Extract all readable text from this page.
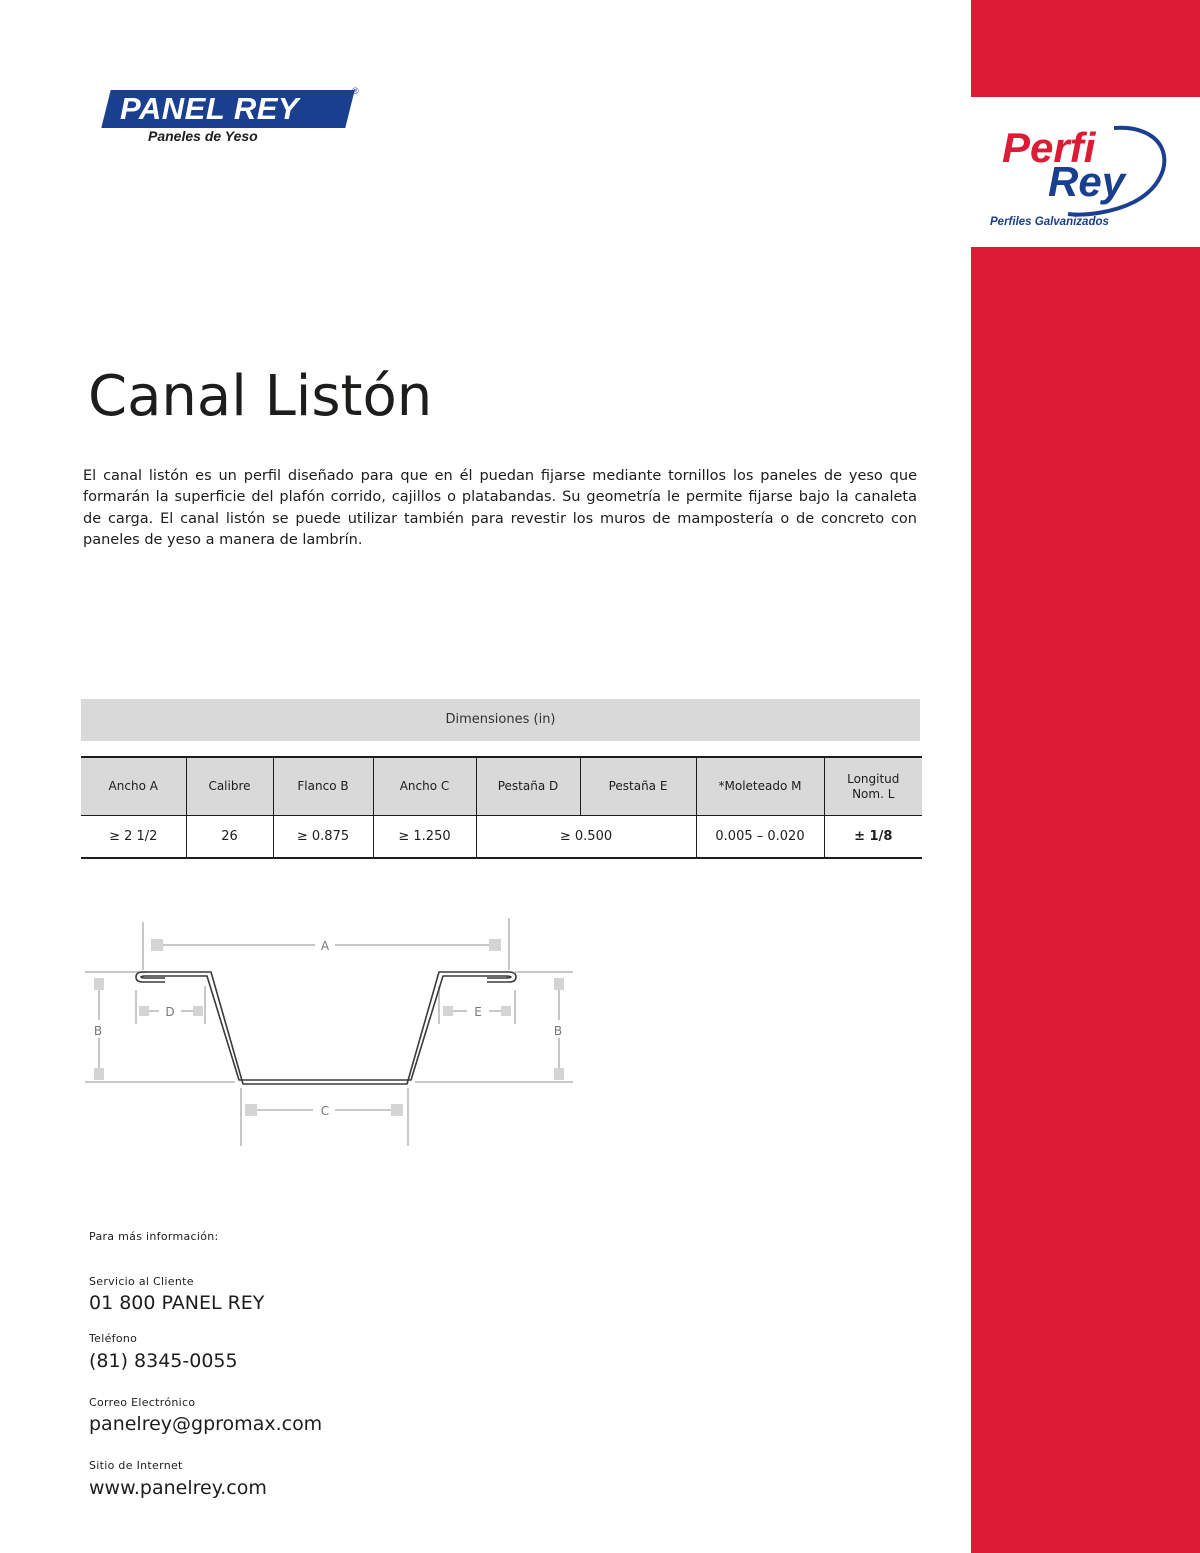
PANEL REY	®
Paneles de Yeso	Perfi
Rey
Perfiles Galvanizados
Canal Listón

El canal listón es un perfil diseñado para que en él puedan fijarse mediante tornillos los paneles de yeso que formarán la superficie del plafón corrido, cajillos o platabandas. Su geometría le permite fijarse bajo la canaleta de carga. El canal listón se puede utilizar también para revestir los muros de mampostería o de concreto con paneles de yeso a manera de lambrín.

Dimensiones (in)
Ancho A	Calibre	Flanco B	Ancho C	Pestaña D	Pestaña E	*Moleteado M	Longitud
Nom. L
≥ 2 1/2	26	≥ 0.875	≥ 1.250	≥ 0.500		0.005 – 0.020	± 1/8
A
B	B
C
D	E
Para más información:
Servicio al Cliente
01 800 PANEL REY
Teléfono
(81) 8345-0055
Correo Electrónico
panelrey@gpromax.com
Sitio de Internet
www.panelrey.com
